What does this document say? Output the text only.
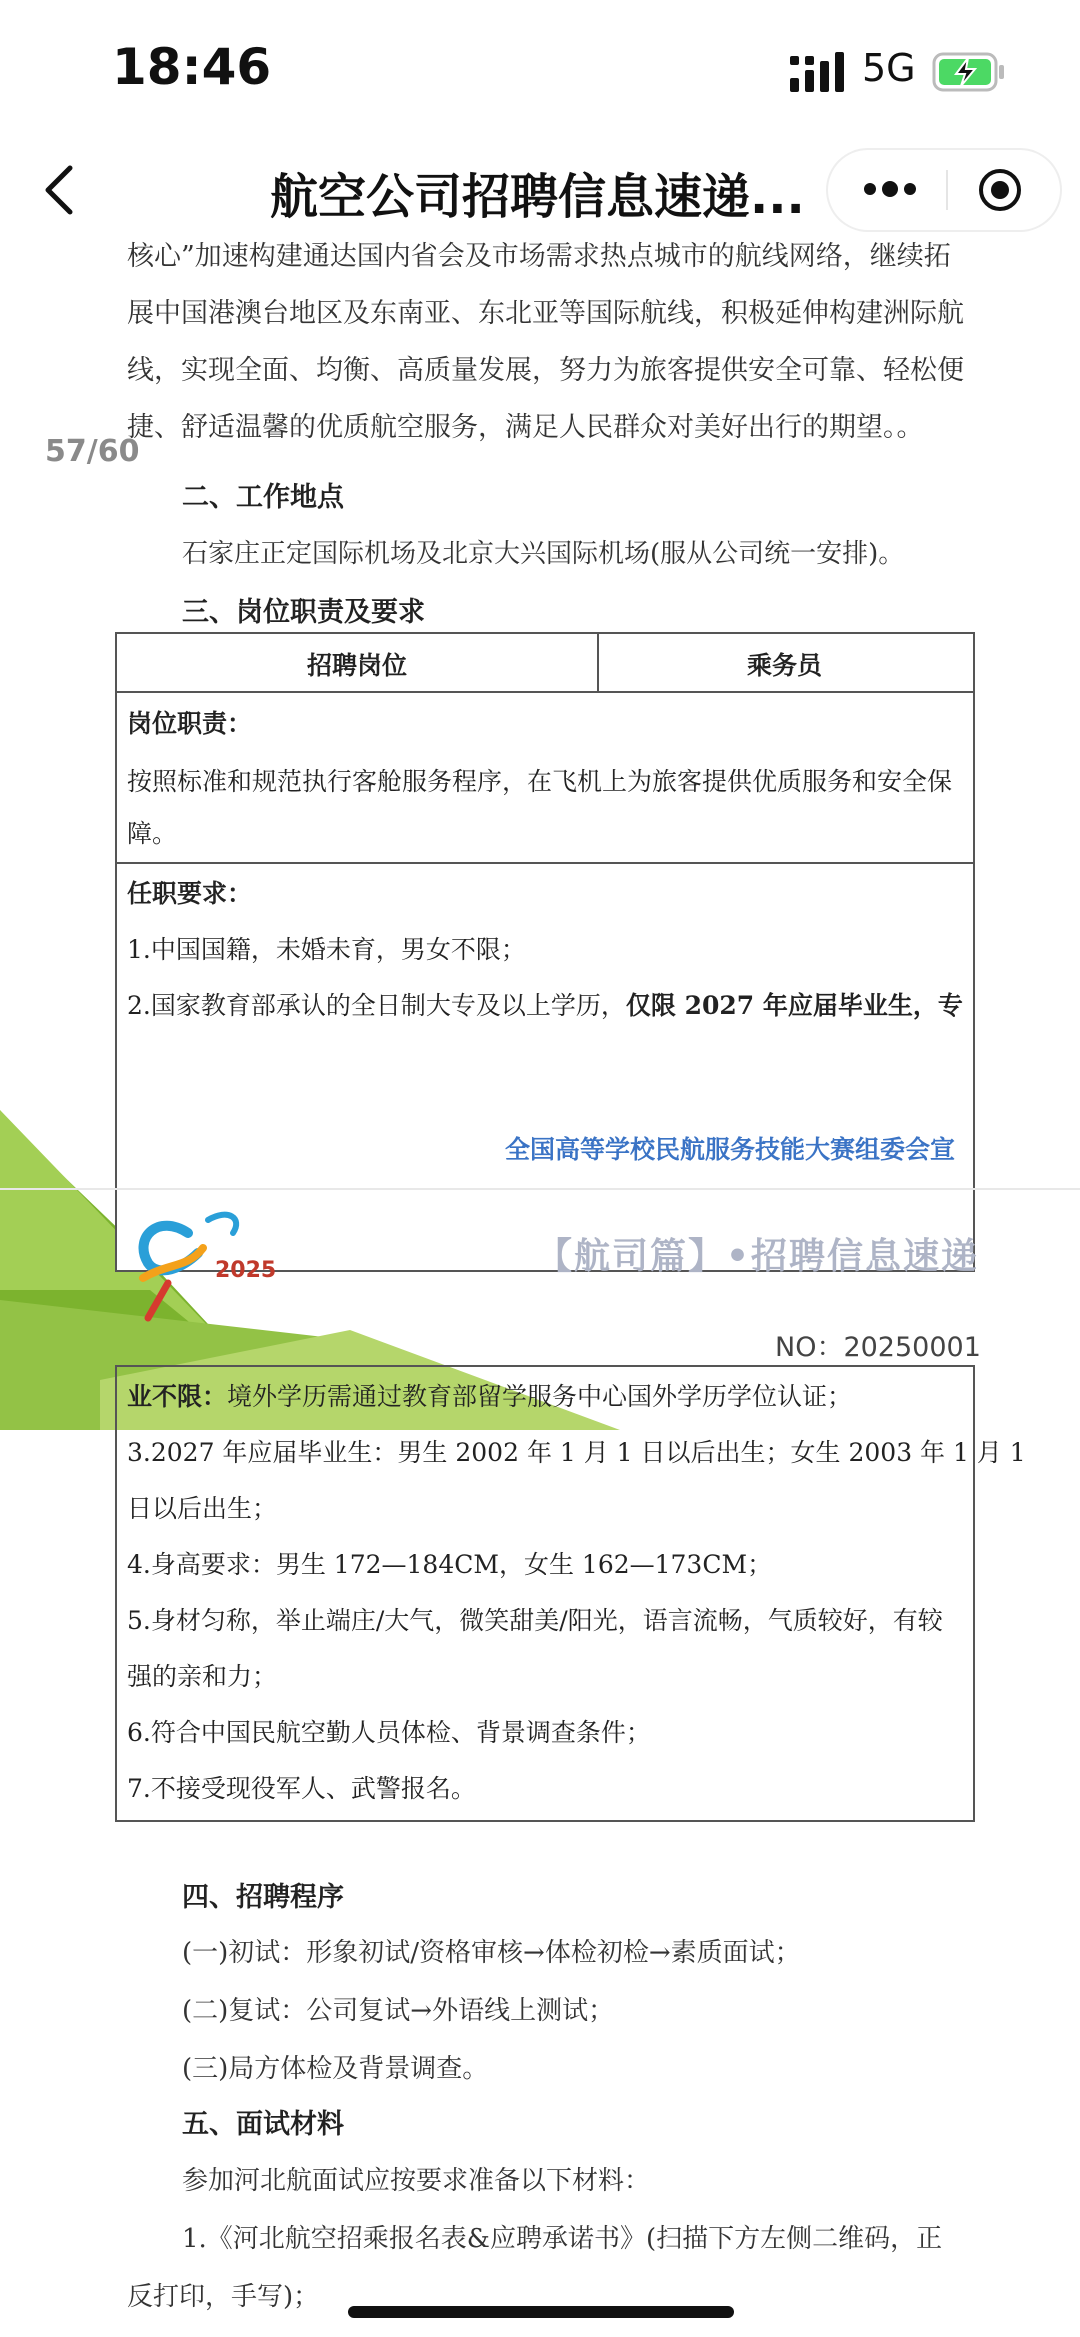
18:46	5G
航空公司招聘信息速递...
核心”加速构建通达国内省会及市场需求热点城市的航线网络，继续拓
展中国港澳台地区及东南亚、东北亚等国际航线，积极延伸构建洲际航
线，实现全面、均衡、高质量发展，努力为旅客提供安全可靠、轻松便
捷、舒适温馨的优质航空服务，满足人民群众对美好出行的期望。。
57/60
二、工作地点
石家庄正定国际机场及北京大兴国际机场(服从公司统一安排)。
三、岗位职责及要求
招聘岗位	乘务员
岗位职责：
按照标准和规范执行客舱服务程序，在飞机上为旅客提供优质服务和安全保
障。
任职要求：
1.中国国籍，未婚未育，男女不限；
2.国家教育部承认的全日制大专及以上学历，仅限 2027 年应届毕业生，专
全国高等学校民航服务技能大赛组委会宣
2025	【航司篇】•招聘信息速递
NO：20250001
业不限：境外学历需通过教育部留学服务中心国外学历学位认证；
3.2027 年应届毕业生：男生 2002 年 1 月 1 日以后出生；女生 2003 年 1 月 1
日以后出生；
4.身高要求：男生 172—184CM，女生 162—173CM；
5.身材匀称，举止端庄/大气，微笑甜美/阳光，语言流畅，气质较好，有较
强的亲和力；
6.符合中国民航空勤人员体检、背景调查条件；
7.不接受现役军人、武警报名。
四、招聘程序
(一)初试：形象初试/资格审核→体检初检→素质面试；
(二)复试：公司复试→外语线上测试；
(三)局方体检及背景调查。
五、面试材料
参加河北航面试应按要求准备以下材料：
1.《河北航空招乘报名表&应聘承诺书》(扫描下方左侧二维码，正
反打印，手写)；
